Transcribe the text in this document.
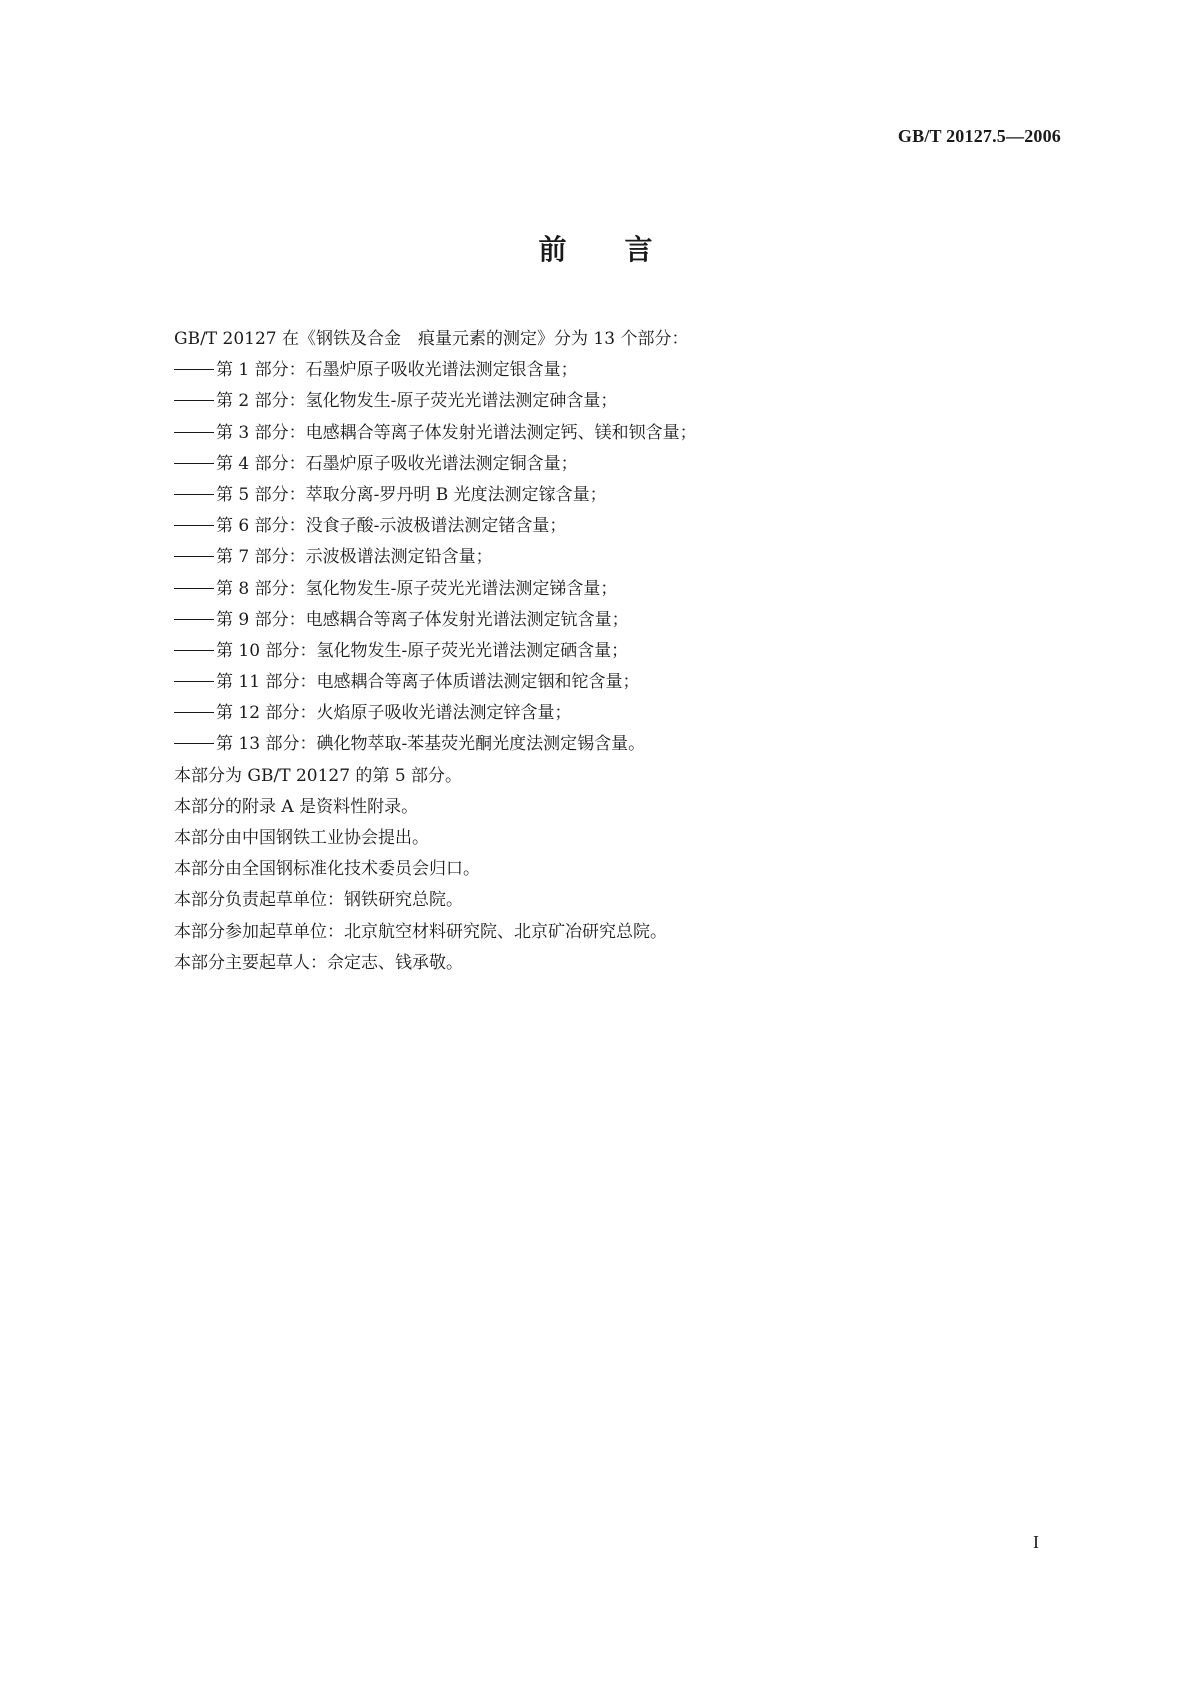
GB/T 20127.5—2006
前 言
GB/T 20127 在《钢铁及合金　痕量元素的测定》分为 13 个部分：
第 1 部分：石墨炉原子吸收光谱法测定银含量；
第 2 部分：氢化物发生-原子荧光光谱法测定砷含量；
第 3 部分：电感耦合等离子体发射光谱法测定钙、镁和钡含量；
第 4 部分：石墨炉原子吸收光谱法测定铜含量；
第 5 部分：萃取分离-罗丹明 B 光度法测定镓含量；
第 6 部分：没食子酸-示波极谱法测定锗含量；
第 7 部分：示波极谱法测定铅含量；
第 8 部分：氢化物发生-原子荧光光谱法测定锑含量；
第 9 部分：电感耦合等离子体发射光谱法测定钪含量；
第 10 部分：氢化物发生-原子荧光光谱法测定硒含量；
第 11 部分：电感耦合等离子体质谱法测定铟和铊含量；
第 12 部分：火焰原子吸收光谱法测定锌含量；
第 13 部分：碘化物萃取-苯基荧光酮光度法测定锡含量。
本部分为 GB/T 20127 的第 5 部分。
本部分的附录 A 是资料性附录。
本部分由中国钢铁工业协会提出。
本部分由全国钢标准化技术委员会归口。
本部分负责起草单位：钢铁研究总院。
本部分参加起草单位：北京航空材料研究院、北京矿冶研究总院。
本部分主要起草人：佘定志、钱承敬。
I
